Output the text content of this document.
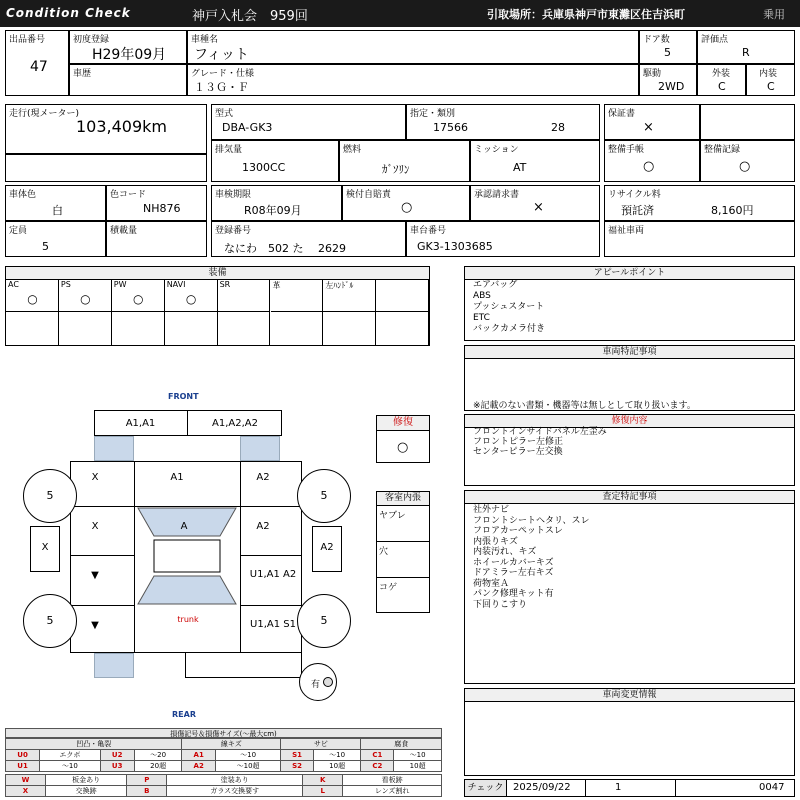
Condition Check	神戸入札会　959回	引取場所：兵庫県神戸市東灘区住吉浜町	乗用
出品番号
47
初度登録
H29年09月
車種名
フィット
ドア数
5
評価点
R
車歴	グレード・仕様
１３Ｇ・Ｆ
駆動
2WD
外装
C
内装
C
走行(現メーター)
103,409km
型式
DBA-GK3
指定・類別
17566	28
保証書
×
排気量
1300CC
燃料
ｶﾞｿﾘﾝ
ミッション
AT
整備手帳
○
整備記録
○
車体色
白
色コード
NH876
車検期限
R08年09月
検付自賠責
○
承認請求書
×
リサイクル料
預託済	8,160円
定員
5
積載量	登録番号
なにわ　502 た　 2629
車台番号
GK3-1303685
福祉車両
装備
AC
○
PS
○
PW
○
NAVI
○
SR	革	左ﾊﾝﾄﾞﾙ
アピールポイント
エアバッグ
ABS
プッシュスタート
ETC
バックカメラ付き
車両特記事項
※記載のない書類・機器等は無しとして取り扱います。
修復内容
フロントインサイドパネル左歪み
フロントピラー左修正
センターピラー左交換
査定特記事項
社外ナビ
フロントシートヘタリ、スレ
フロアカーペットスレ
内張りキズ
内装汚れ、キズ
ホイールカバーキズ
ドアミラー左右キズ
荷物室Ａ
パンク修理キット有
下回りこすり
車両変更情報
チェック 2025/09/22	1	0047
修復
○
客室内張
ヤブレ
穴
コゲ
FRONT
REAR
A1,A1	A1,A2,A2
X	A1	A2
X	A	A2
▼	U1,A1 A2
▼	U1,A1 S1
trunk
X	A2
5	5
5	5
有
損傷記号＆損傷サイズ(〜最大cm)
凹凸・亀裂				線キズ		サビ		腐食	
U0	エクボ	U2	〜20	A1	〜10	S1	〜10	C1	〜10
U1	〜10	U3	20超	A2	〜10超	S2	10超	C2	10超
W	板金あり	P	塗装あり	K	看板跡
X	交換跡	B	ガラス交換要す	L	レンズ割れ
